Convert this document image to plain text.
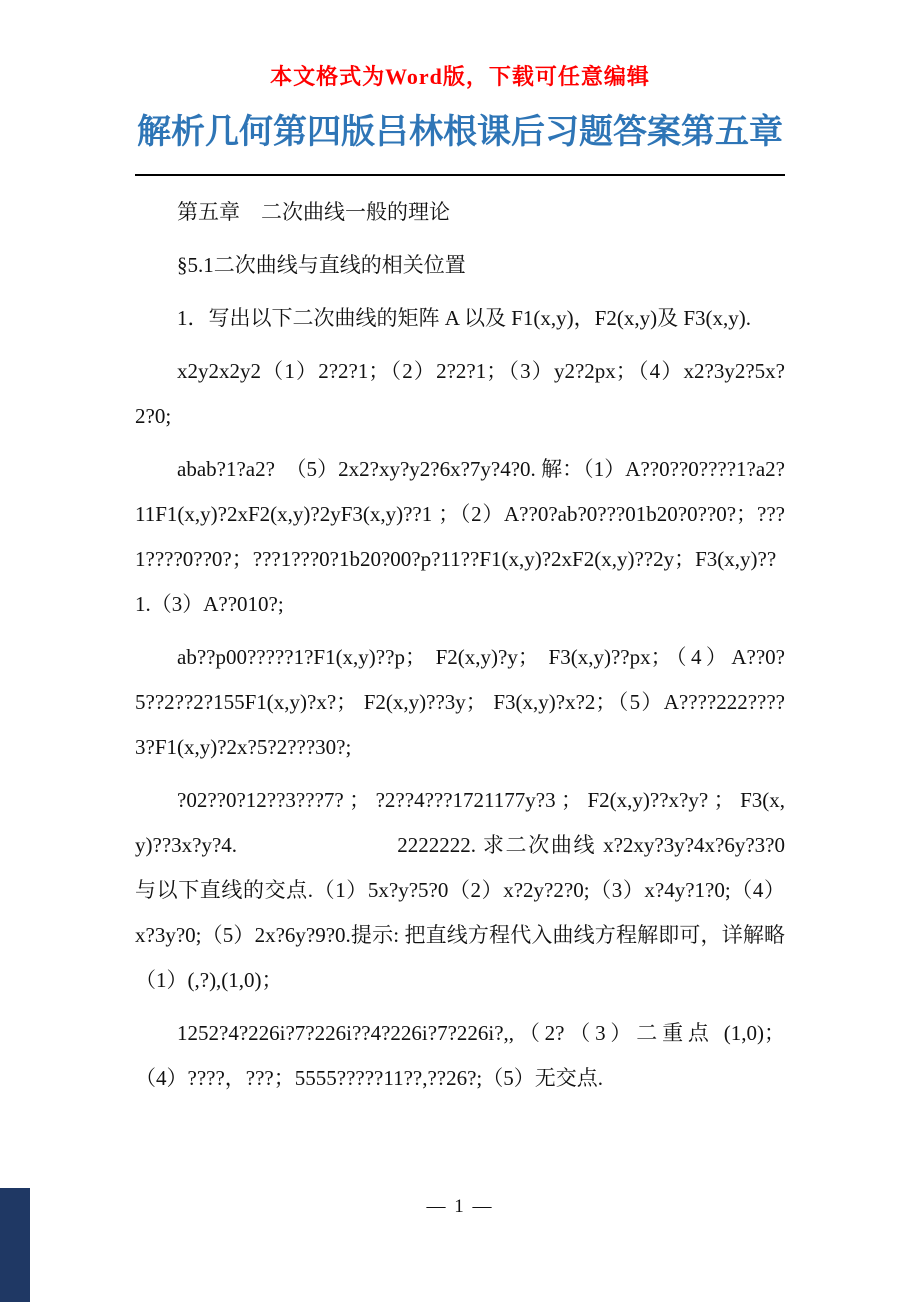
本文格式为Word版，下载可任意编辑
解析几何第四版吕林根课后习题答案第五章

第五章　二次曲线一般的理论

§5.1二次曲线与直线的相关位置

1．写出以下二次曲线的矩阵 A 以及 F1(x,y)，F2(x,y)及 F3(x,y).

x2y2x2y2（1）2?2?1；（2）2?2?1；（3）y2?2px；（4）x2?3y2?5x?2?0;

abab?1?a2?　（5）2x2?xy?y2?6x?7y?4?0. 解：（1）A??0??0????1?a2?11F1(x,y)?2xF2(x,y)?2yF3(x,y)??1 ；（2）A??0?ab?0???01b20?0??0?；???1????0??0?；???1???0?1b20?00?p?11??F1(x,y)?2xF2(x,y)??2y；F3(x,y)??1.（3）A??010?;

ab??p00?????1?F1(x,y)??p； F2(x,y)?y； F3(x,y)??px；（4）A??0?5??2??2?155F1(x,y)?x?； F2(x,y)??3y； F3(x,y)?x?2；（5）A????222????3?F1(x,y)?2x?5?2???30?;

?02??0?12??3???7? ； ?2??4???1721177y?3 ； F2(x,y)??x?y? ； F3(x,y)??3x?y?4.　　　　　　　2222222. 求二次曲线 x?2xy?3y?4x?6y?3?0 与以下直线的交点.（1）5x?y?5?0（2）x?2y?2?0;（3）x?4y?1?0;（4）x?3y?0;（5）2x?6y?9?0.提示: 把直线方程代入曲线方程解即可，详解略（1）(,?),(1,0)；

1252?4?226i?7?226i??4?226i?7?226i?,,（2?（3）二重点 (1,0)；（4）????，???；5555?????11??,??26?;（5）无交点.

— 1 —
